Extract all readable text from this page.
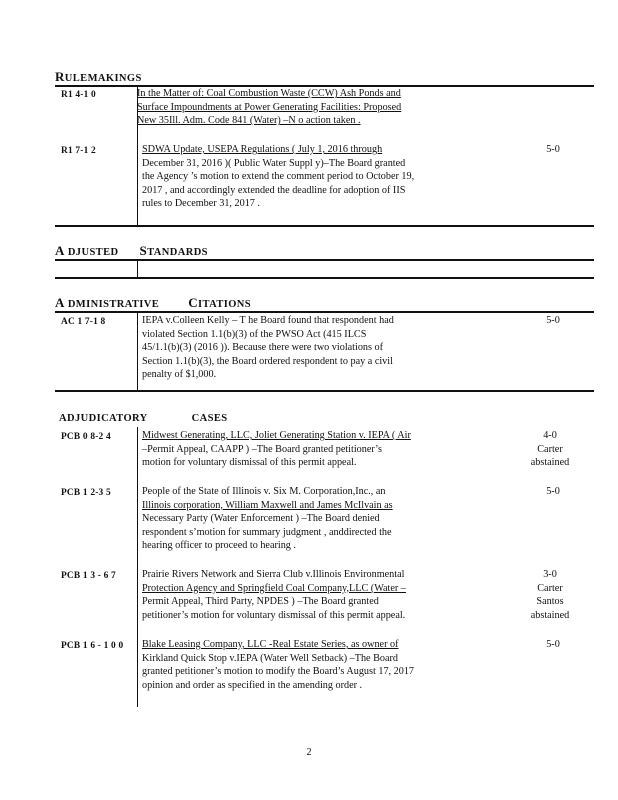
RULEMAKINGS
R1 4-1 0	In the Matter of: Coal Combustion Waste (CCW) Ash Ponds and
Surface Impoundments at Power Generating Facilities: Proposed
New 35Ill. Adm. Code 841 (Water) –N o action taken .
R1 7-1 2	SDWA Update, USEPA Regulations ( July 1, 2016 through
December 31, 2016 )( Public Water Suppl y)–The Board granted
the Agency ’s motion to extend the comment period to October 19,
2017 , and accordingly extended the deadline for adoption of IIS
rules to December 31, 2017 .
5-0
A DJUSTED STANDARDS
A DMINISTRATIVE CITATIONS
AC 1 7-1 8	IEPA v.Colleen Kelly – T he Board found that respondent had
violated Section 1.1(b)(3) of the PWSO Act (415 ILCS
45/1.1(b)(3) (2016 )). Because there were two violations of
Section 1.1(b)(3), the Board ordered respondent to pay a civil
penalty of $1,000.
5-0
ADJUDICATORY	CASES
PCB 0 8-2 4	Midwest Generating, LLC, Joliet Generating Station v. IEPA ( Air
–Permit Appeal, CAAPP ) –The Board granted petitioner’s
motion for voluntary dismissal of this permit appeal.
4-0
Carter
abstained
PCB 1 2-3 5	People of the State of Illinois v. Six M. Corporation,Inc., an
Illinois corporation, William Maxwell and James McIlvain as
Necessary Party (Water Enforcement ) –The Board denied
respondent s’motion for summary judgment , anddirected the
hearing officer to proceed to hearing .
5-0
PCB 1 3 - 6 7	Prairie Rivers Network and Sierra Club v.Illinois Environmental
Protection Agency and Springfield Coal Company,LLC (Water –
Permit Appeal, Third Party, NPDES ) –The Board granted
petitioner’s motion for voluntary dismissal of this permit appeal.
3-0
Carter
Santos
abstained
PCB 1 6 - 1 0 0 Blake Leasing Company, LLC -Real Estate Series, as owner of
Kirkland Quick Stop v.IEPA (Water Well Setback) –The Board
granted petitioner’s motion to modify the Board’s August 17, 2017
opinion and order as specified in the amending order .
5-0
2
